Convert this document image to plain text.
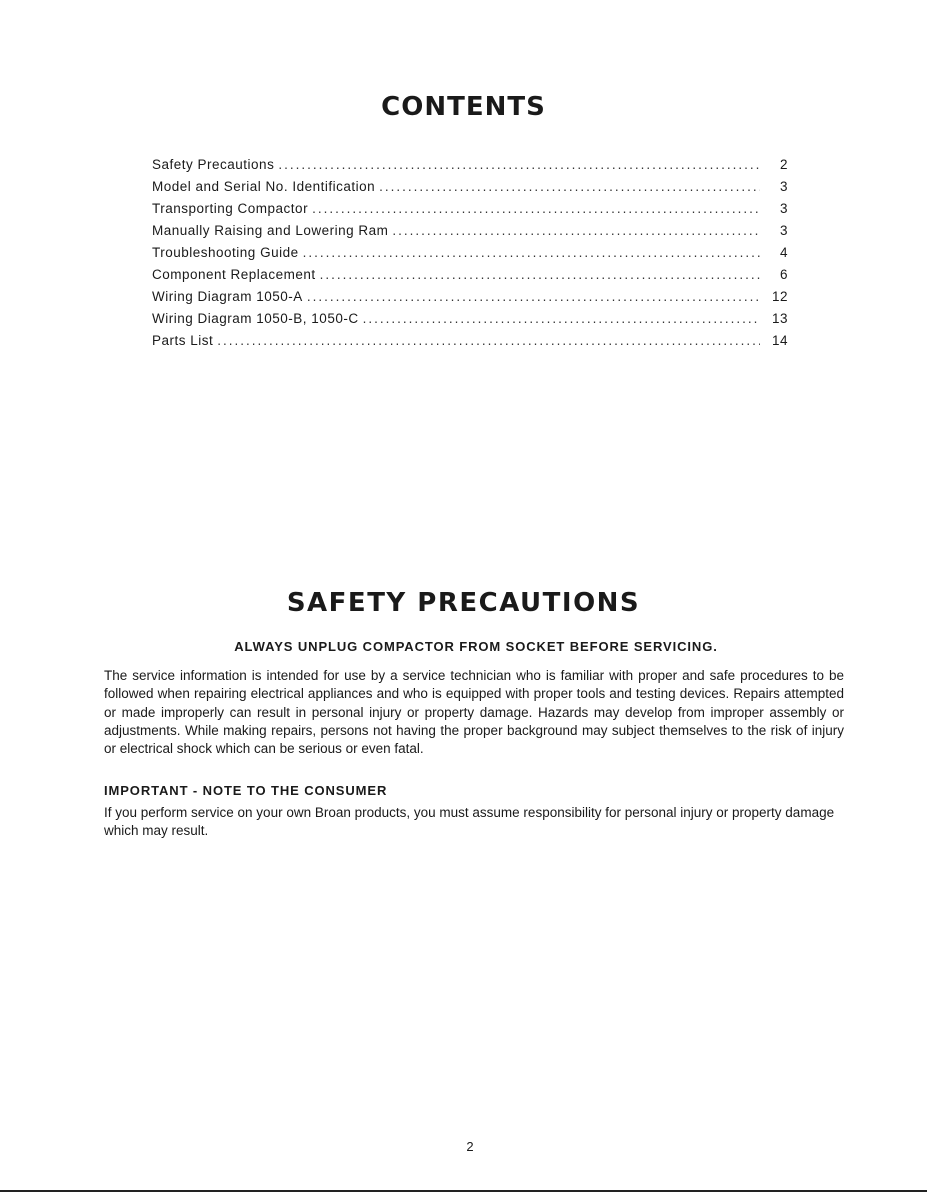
CONTENTS
Safety Precautions .....	2
Model and Serial No. Identification .....	3
Transporting Compactor .....	3
Manually Raising and Lowering Ram .....	3
Troubleshooting Guide .....	4
Component Replacement .....	6
Wiring Diagram 1050-A .....	12
Wiring Diagram 1050-B, 1050-C .....	13
Parts List .....	14
SAFETY PRECAUTIONS

ALWAYS UNPLUG COMPACTOR FROM SOCKET BEFORE SERVICING.

The service information is intended for use by a service technician who is familiar with proper and safe procedures to be followed when repairing electrical appliances and who is equipped with proper tools and testing devices. Repairs attempted or made improperly can result in personal injury or property damage. Hazards may develop from improper assembly or adjustments. While making repairs, persons not having the proper background may subject themselves to the risk of injury or electrical shock which can be serious or even fatal.

IMPORTANT - NOTE TO THE CONSUMER

If you perform service on your own Broan products, you must assume responsibility for personal injury or property damage which may result.

2
